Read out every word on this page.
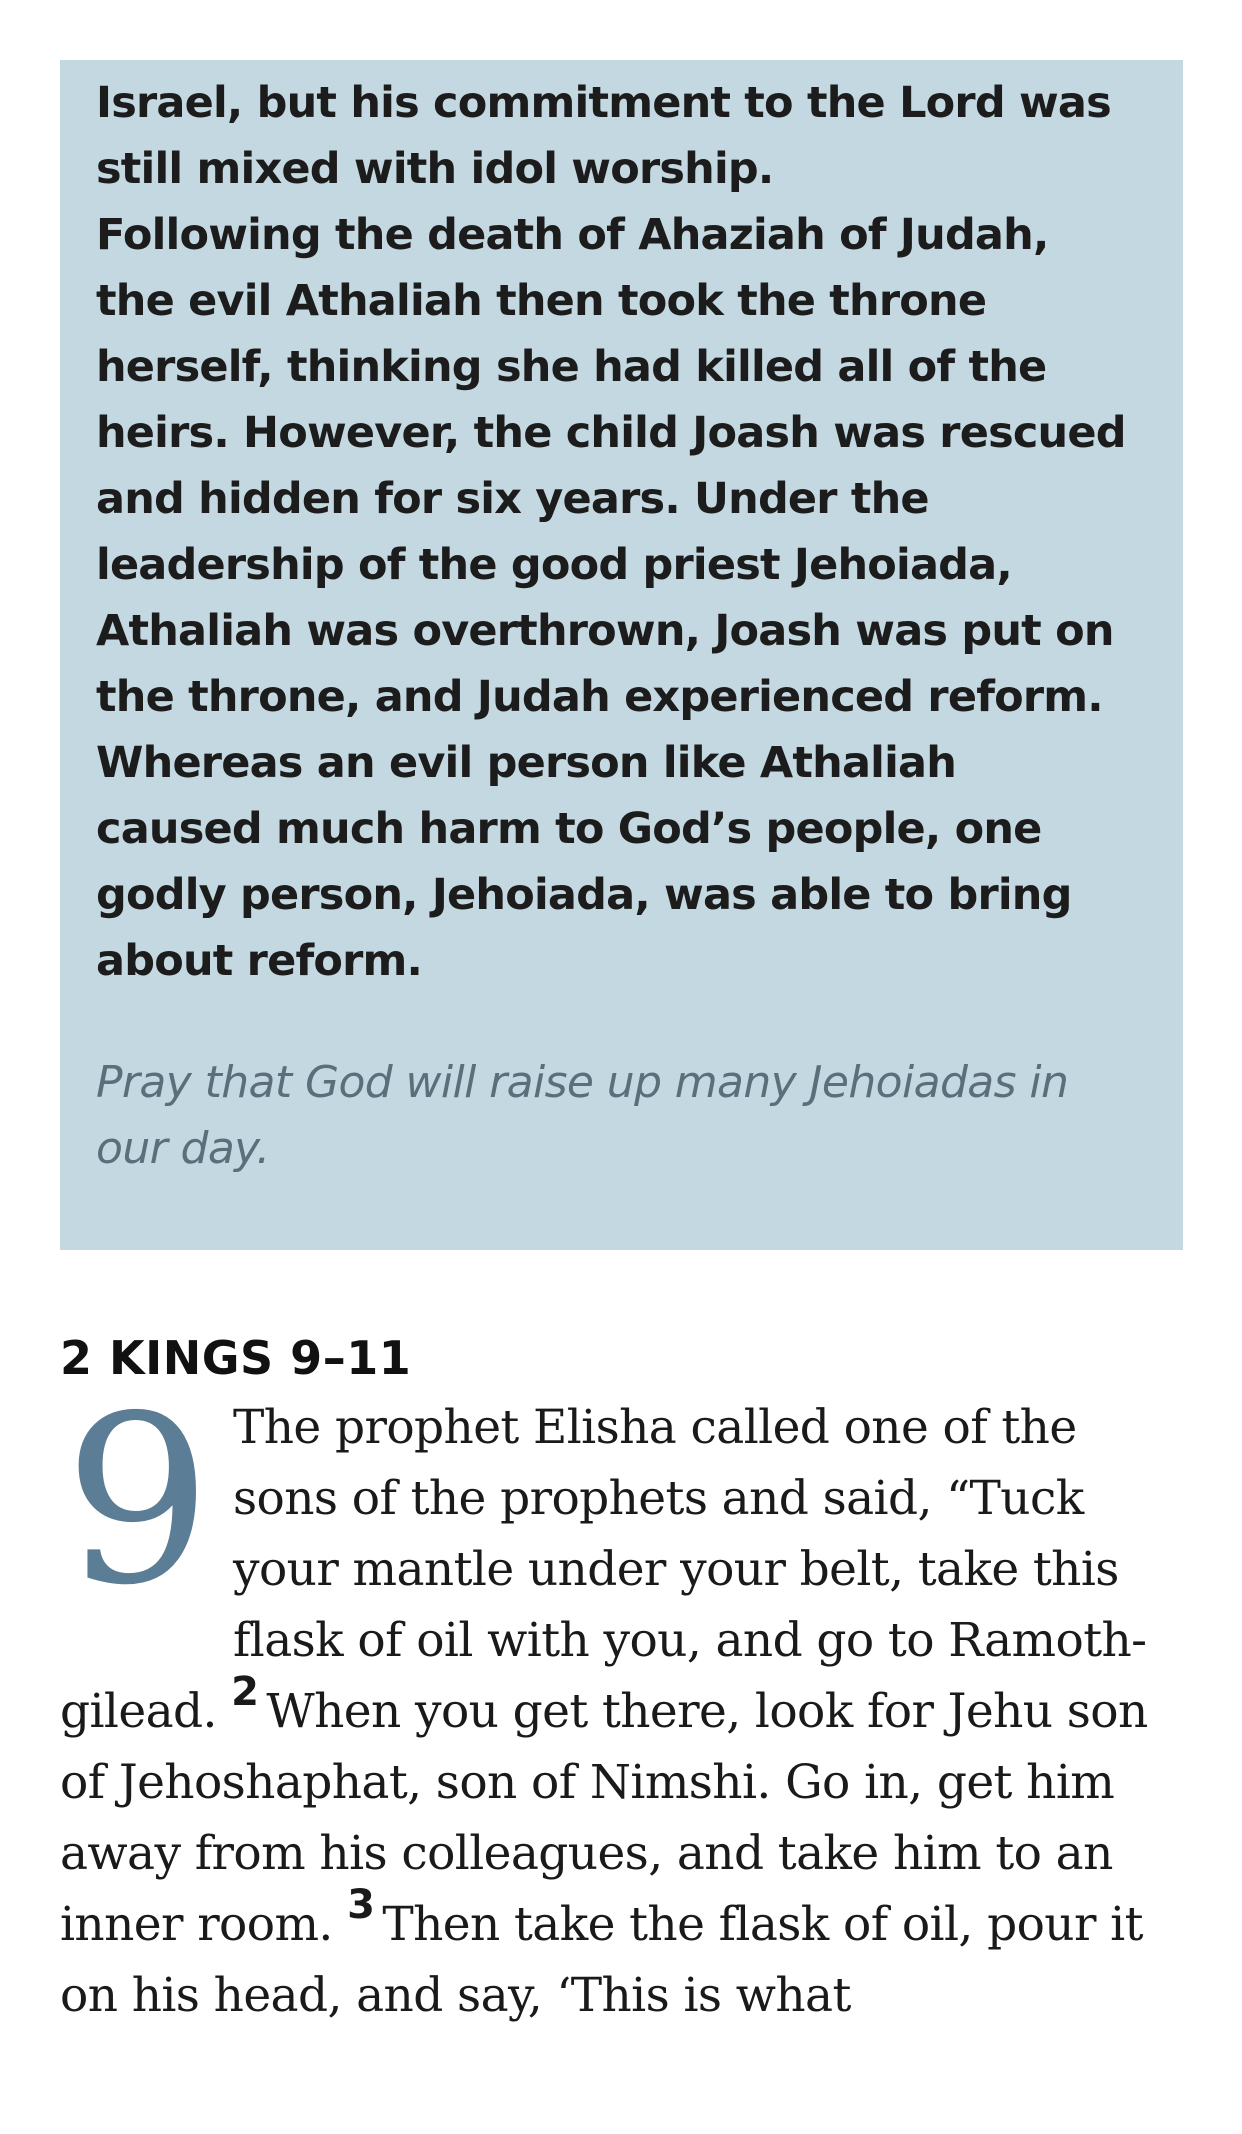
Israel, but his commitment to the Lord was still mixed with idol worship.

Following the death of Ahaziah of Judah, the evil Athaliah then took the throne herself, thinking she had killed all of the heirs. However, the child Joash was rescued and hidden for six years. Under the leadership of the good priest Jehoiada, Athaliah was overthrown, Joash was put on the throne, and Judah experienced reform. Whereas an evil person like Athaliah caused much harm to God’s people, one godly person, Jehoiada, was able to bring about reform.

Pray that God will raise up many Jehoiadas in our day.

2 KINGS 9–11
9 The prophet Elisha called one of the sons of the prophets and said, “Tuck your mantle under your belt, take this flask of oil with you, and go to Ramoth-gilead. 2 When you get there, look for Jehu son of Jehoshaphat, son of Nimshi. Go in, get him away from his colleagues, and take him to an inner room. 3 Then take the flask of oil, pour it on his head, and say, ‘This is what
